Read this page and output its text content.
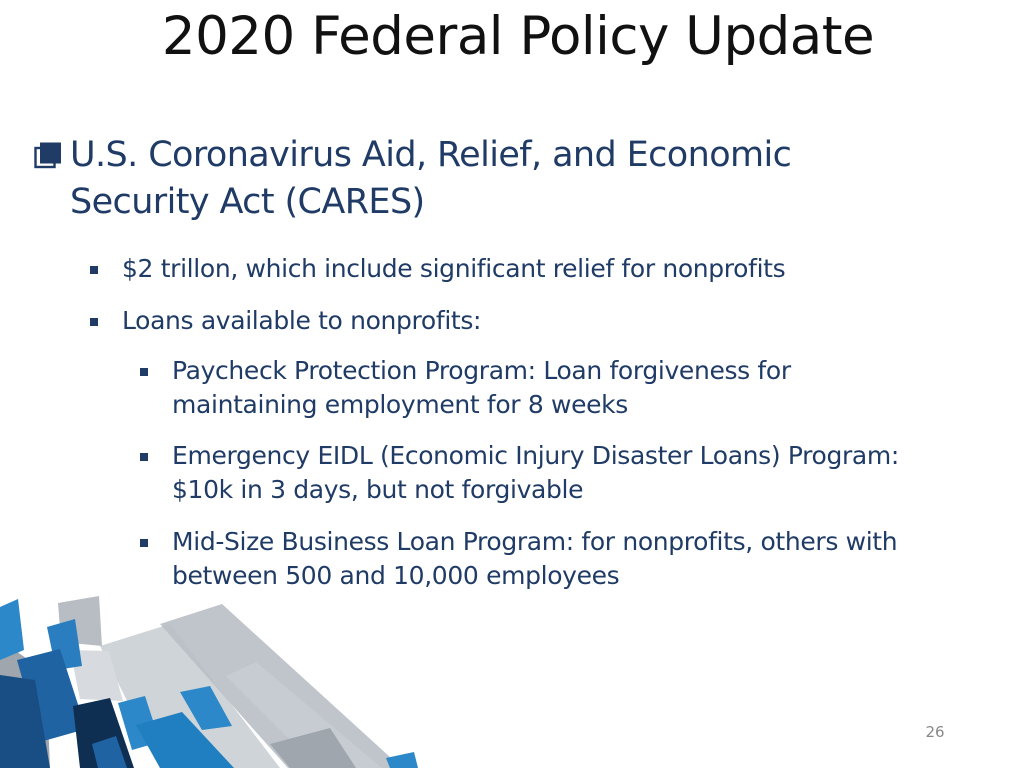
2020 Federal Policy Update
U.S. Coronavirus Aid, Relief, and Economic
Security Act (CARES)
$2 trillon, which include significant relief for nonprofits
Loans available to nonprofits:
Paycheck Protection Program: Loan forgiveness for
maintaining employment for 8 weeks
Emergency EIDL (Economic Injury Disaster Loans) Program:
$10k in 3 days, but not forgivable
Mid-Size Business Loan Program: for nonprofits, others with
between 500 and 10,000 employees
26
